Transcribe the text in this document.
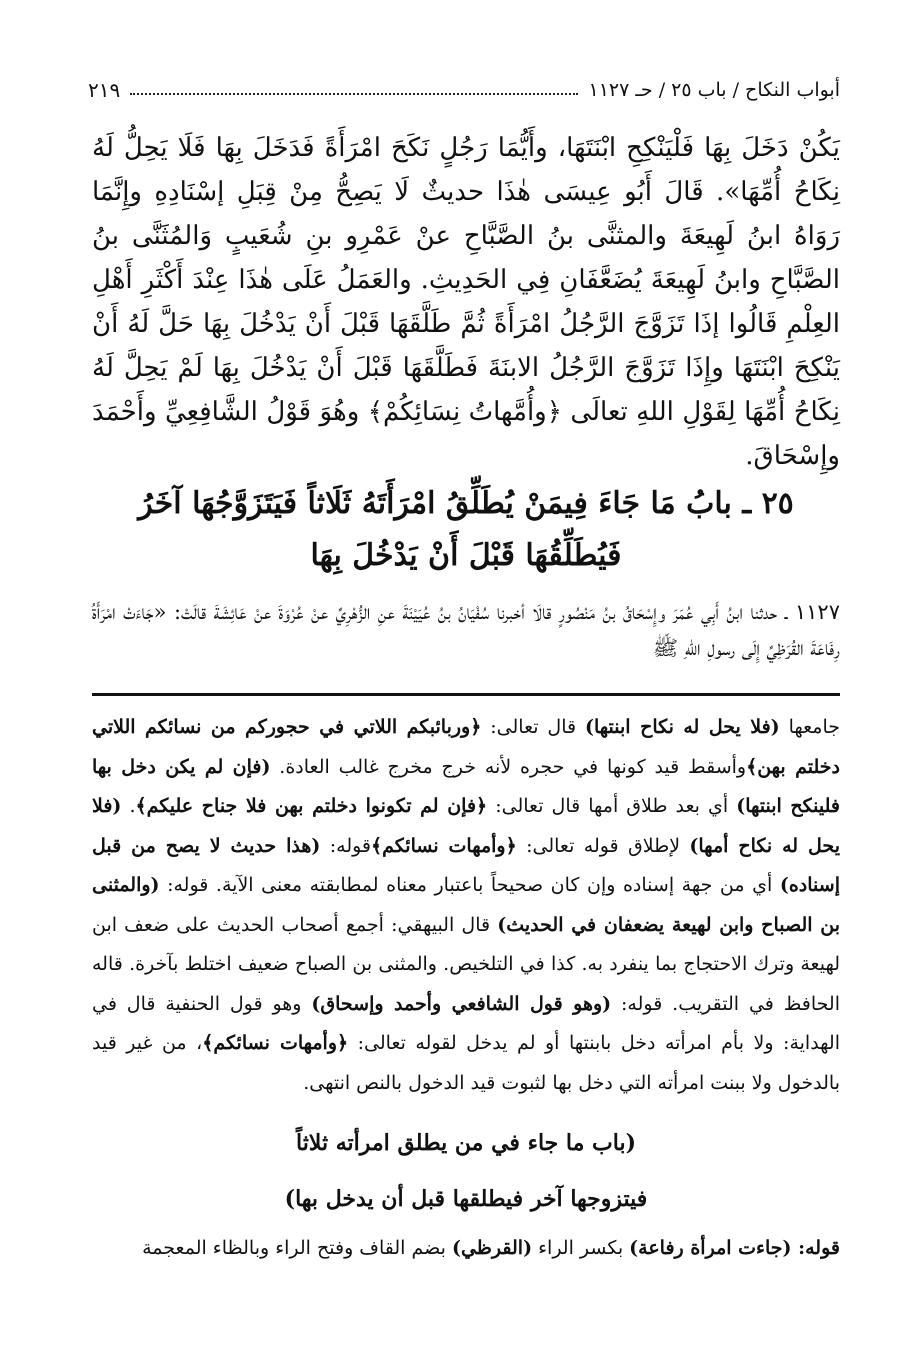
أبواب النكاح / باب ٢٥ / حـ ١١٢٧
٢١٩
يَكُنْ دَخَلَ بِهَا فَلْيَنْكِحِ ابْنَتَهَا، وأَيُّمَا رَجُلٍ نَكَحَ امْرَأَةً فَدَخَلَ بِهَا فَلَا يَحِلُّ لَهُ نِكَاحُ أُمِّهَا». قَالَ أَبُو عِيسَى هٰذَا حديثٌ لَا يَصِحُّ مِنْ قِبَلِ إسْنَادِهِ وإِنَّمَا رَوَاهُ ابنُ لَهِيعَةَ والمثنَّى بنُ الصَّبَّاحِ عنْ عَمْرِو بنِ شُعَيبٍ وَالمُثَنَّى بنُ الصَّبَّاحِ وابنُ لَهِيعَةَ يُضَعَّفَانِ فِي الحَدِيثِ. والعَمَلُ عَلَى هٰذَا عِنْدَ أَكْثَرِ أَهْلِ العِلْمِ قَالُوا إذَا تَزَوَّجَ الرَّجُلُ امْرَأَةً ثُمَّ طَلَّقَهَا قَبْلَ أَنْ يَدْخُلَ بِهَا حَلَّ لَهُ أَنْ يَنْكِحَ ابْنَتَهَا وإِذَا تَزَوَّجَ الرَّجُلُ الابنَةَ فَطَلَّقَهَا قَبْلَ أَنْ يَدْخُلَ بِهَا لَمْ يَحِلَّ لَهُ نِكَاحُ أُمِّهَا لِقَوْلِ اللهِ تعالَى ﴿وأُمَّهاتُ نِسَائِكُمْ﴾ وهُوَ قَوْلُ الشَّافِعِيِّ وأَحْمَدَ وإِسْحَاقَ.
٢٥ ـ بابُ مَا جَاءَ فِيمَنْ يُطَلِّقُ امْرَأَتَهُ ثَلَاثاً فَيَتَزَوَّجُهَا آخَرُ
فَيُطَلِّقُهَا قَبْلَ أَنْ يَدْخُلَ بِهَا
١١٢٧ ـ حدثنا ابنُ أَبِي عُمَرَ وإِسْحَاقُ بنُ مَنْصُورٍ قالَا أخبرنا سُفْيَانُ بنُ عُيَيْنَةَ عنِ الزُّهْرِيِّ عنْ عُرْوَةَ عنْ عَائِشَةَ قالَتْ: «جَاءَتْ امْرَأَةُ رِفَاعَةَ القُرَظِيِّ إِلَى رسولِ اللهِ ﷺ
جامعها (فلا يحل له نكاح ابنتها) قال تعالى: ﴿وربائبكم اللاتي في حجوركم من نسائكم اللاتي دخلتم بهن﴾وأسقط قيد كونها في حجره لأنه خرج مخرج غالب العادة. (فإن لم يكن دخل بها فلينكح ابنتها) أي بعد طلاق أمها قال تعالى: ﴿فإن لم تكونوا دخلتم بهن فلا جناح عليكم﴾. (فلا يحل له نكاح أمها) لإطلاق قوله تعالى: ﴿وأمهات نسائكم﴾قوله: (هذا حديث لا يصح من قبل إسناده) أي من جهة إسناده وإن كان صحيحاً باعتبار معناه لمطابقته معنى الآية. قوله: (والمثنى بن الصباح وابن لهيعة يضعفان في الحديث) قال البيهقي: أجمع أصحاب الحديث على ضعف ابن لهيعة وترك الاحتجاج بما ينفرد به. كذا في التلخيص. والمثنى بن الصباح ضعيف اختلط بآخرة. قاله الحافظ في التقريب. قوله: (وهو قول الشافعي وأحمد وإسحاق) وهو قول الحنفية قال في الهداية: ولا بأم امرأته دخل بابنتها أو لم يدخل لقوله تعالى: ﴿وأمهات نسائكم﴾، من غير قيد بالدخول ولا ببنت امرأته التي دخل بها لثبوت قيد الدخول بالنص انتهى.
(باب ما جاء في من يطلق امرأته ثلاثاً
فيتزوجها آخر فيطلقها قبل أن يدخل بها)
قوله: (جاءت امرأة رفاعة) بكسر الراء (القرظي) بضم القاف وفتح الراء وبالظاء المعجمة
